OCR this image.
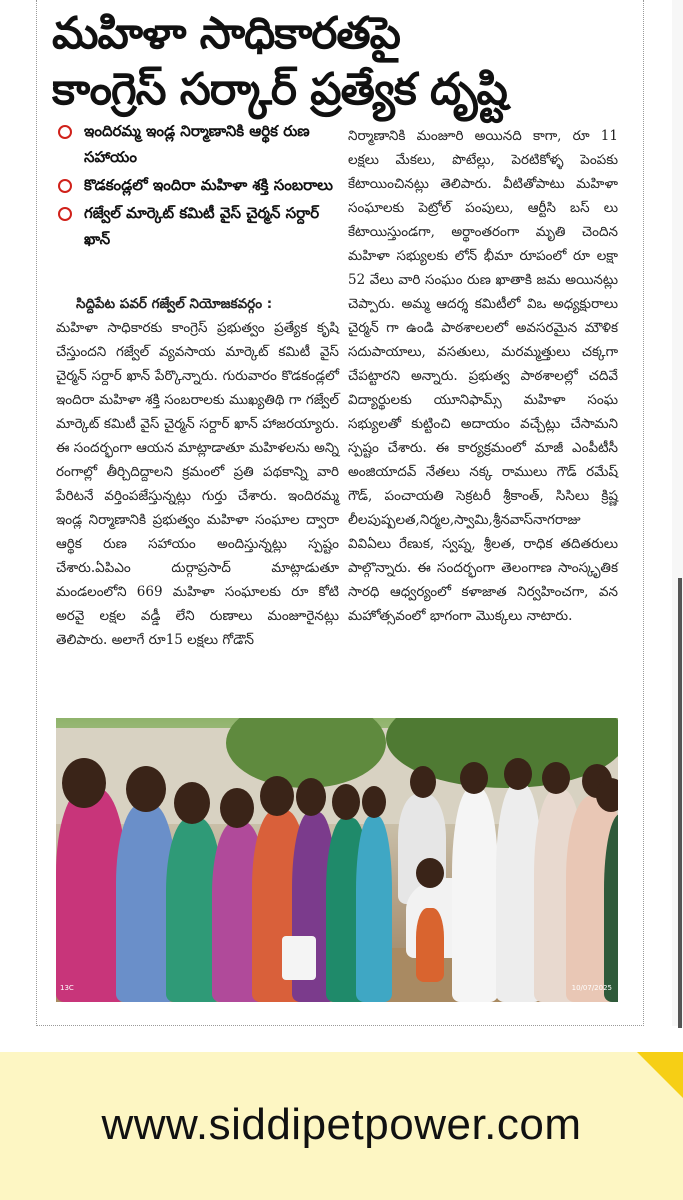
మహిళా సాధికారతపై
కాంగ్రెస్ సర్కార్ ప్రత్యేక దృష్టి
ఇందిరమ్మ ఇండ్ల నిర్మాణానికి ఆర్థిక రుణ సహాయం
కొడకండ్లలో ఇందిరా మహిళా శక్తి సంబరాలు
గజ్వేల్ మార్కెట్ కమిటీ వైస్ చైర్మన్ సర్దార్ ఖాన్
సిద్దిపేట పవర్ గజ్వేల్ నియోజకవర్గం :
మహిళా సాధికారకు కాంగ్రెస్ ప్రభుత్వం ప్రత్యేక కృషి చేస్తుందని గజ్వేల్ వ్యవసాయ మార్కెట్ కమిటీ వైస్ చైర్మన్ సర్దార్ ఖాన్ పేర్కొన్నారు. గురువారం కొడకండ్లలో ఇందిరా మహిళా శక్తి సంబరాలకు ముఖ్యతిథి గా గజ్వేల్ మార్కెట్ కమిటీ వైస్ చైర్మన్ సర్దార్ ఖాన్ హాజరయ్యారు. ఈ సందర్భంగా ఆయన మాట్లాడాతూ మహిళలను అన్ని రంగాల్లో తీర్చిదిద్దాలని క్రమంలో ప్రతి పథకాన్ని వారి పేరిటనే వర్తింపజేస్తున్నట్లు గుర్తు చేశారు. ఇందిరమ్మ ఇండ్ల నిర్మాణానికి ప్రభుత్వం మహిళా సంఘాల ద్వారా ఆర్థిక రుణ సహాయం అందిస్తున్నట్లు స్పష్టం చేశారు.ఏపిఎం దుర్గాప్రసాద్ మాట్లాడుతూ మండలంలోని 669 మహిళా సంఘాలకు రూ కోటి అరవై లక్షల వడ్డీ లేని రుణాలు మంజూరైనట్లు తెలిపారు. అలాగే రూ15 లక్షలు గోడౌన్
నిర్మాణానికి మంజూరి అయినది కాగా, రూ 11 లక్షలు మేకలు, పొటేల్లు, పెరటికోళ్ళ పెంపకు కేటాయించినట్లు తెలిపారు. వీటితోపాటు మహిళా సంఘాలకు పెట్రోల్ పంపులు, ఆర్టీసి బస్ లు కేటాయిస్తుండగా, అర్థాంతరంగా మృతి చెందిన మహిళా సభ్యులకు లోన్ భీమా రూపంలో రూ లక్షా 52 వేలు వారి సంఘం రుణ ఖాతాకి జమ అయినట్లు చెప్పారు. అమ్మ ఆదర్శ కమిటీలో విఒ అధ్యక్షురాలు చైర్మన్ గా ఉండి పాఠశాలలలో అవసరమైన మౌళిక సదుపాయాలు, వసతులు, మరమ్మత్తులు చక్కగా చేపట్టారని అన్నారు. ప్రభుత్వ పాఠశాలల్లో చదివే విద్యార్థులకు యూనిఫామ్స్ మహిళా సంఘ సభ్యులతో కుట్టించి అదాయం వచ్చేట్లు చేసామని స్పష్టం చేశారు. ఈ కార్యక్రమంలో మాజీ ఎంపీటీసీ అంజియాదవ్ నేతలు నక్క రాములు గౌడ్ రమేష్ గౌడ్, పంచాయతి సెక్రటరీ శ్రీకాంత్, సిసిలు క్రిష్ణ లీలపుష్పలత,నిర్మల,స్వామి,శ్రీనవాస్‌నాగరాజు వివిఏలు రేణుక, స్వప్న, శ్రీలత, రాధిక తదితరులు పాల్గొన్నారు. ఈ సందర్భంగా తెలంగాణ సాంస్కృతిక సారధి ఆధ్వర్యంలో కళాజాత నిర్వహించగా, వన మహోత్సవంలో భాగంగా మొక్కలు నాటారు.
13C	10/07/2025
www.siddipetpower.com
